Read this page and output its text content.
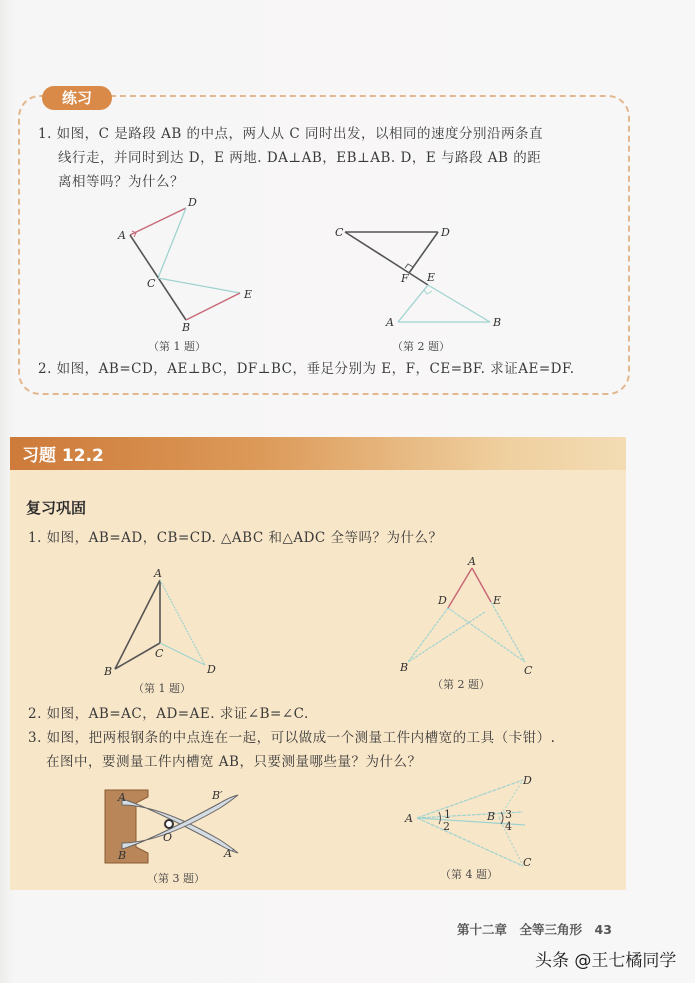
练习
1. 如图，C 是路段 AB 的中点，两人从 C 同时出发，以相同的速度分别沿两条直
线行走，并同时到达 D，E 两地. DA⊥AB，EB⊥AB. D，E 与路段 AB 的距
离相等吗？为什么？
A
B
C
D
E
（第 1 题）
A	B
C	D
E
F
（第 2 题）
2. 如图，AB=CD，AE⊥BC，DF⊥BC，垂足分别为 E，F，CE=BF. 求证AE=DF.
习题 12.2
复习巩固
1. 如图，AB=AD，CB=CD. △ABC 和△ADC 全等吗？为什么？
A
B
C
D
（第 1 题）
A
B	C
D	E
（第 2 题）
2. 如图，AB=AC，AD=AE. 求证∠B=∠C.
3. 如图，把两根钢条的中点连在一起，可以做成一个测量工件内槽宽的工具（卡钳）.
在图中，要测量工件内槽宽 AB，只要测量哪些量？为什么？
A
B
O
A′
B′
（第 3 题）
A	B
C
D
1
2
3
4
（第 4 题）
第十二章　全等三角形　43
头条 @王七橘同学
